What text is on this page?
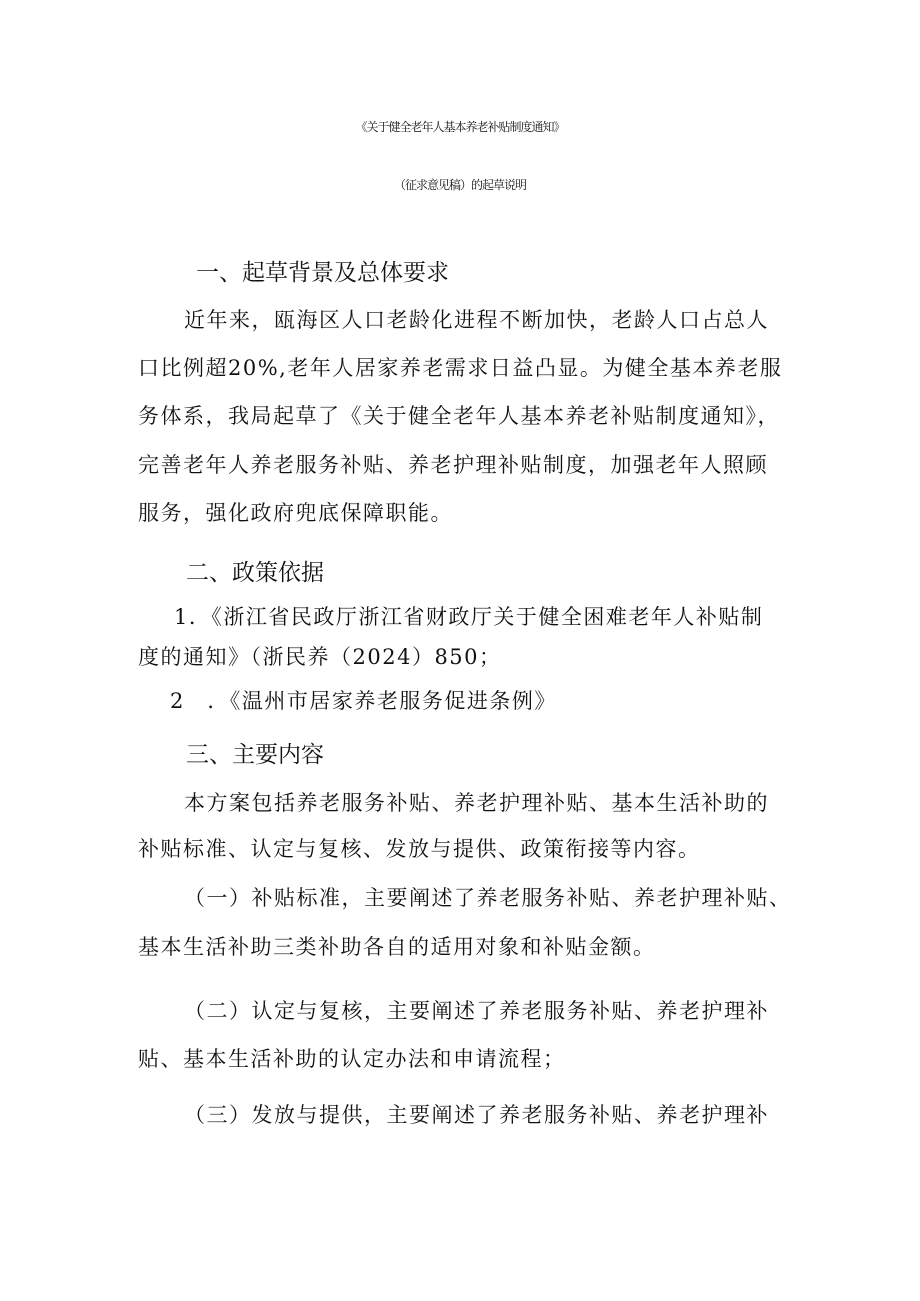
《关于健全老年人基本养老补贴制度通知》
（征求意见稿）的起草说明
一、起草背景及总体要求
近年来，瓯海区人口老龄化进程不断加快，老龄人口占总人
口比例超20%,老年人居家养老需求日益凸显。为健全基本养老服
务体系，我局起草了《关于健全老年人基本养老补贴制度通知》，
完善老年人养老服务补贴、养老护理补贴制度，加强老年人照顾
服务，强化政府兜底保障职能。
二、政策依据
1．《浙江省民政厅浙江省财政厅关于健全困难老年人补贴制
度的通知》（浙民养（2024）850；
2　．《温州市居家养老服务促进条例》
三、主要内容
本方案包括养老服务补贴、养老护理补贴、基本生活补助的
补贴标准、认定与复核、发放与提供、政策衔接等内容。
（一）补贴标准，主要阐述了养老服务补贴、养老护理补贴、
基本生活补助三类补助各自的适用对象和补贴金额。
（二）认定与复核，主要阐述了养老服务补贴、养老护理补
贴、基本生活补助的认定办法和申请流程；
（三）发放与提供，主要阐述了养老服务补贴、养老护理补
